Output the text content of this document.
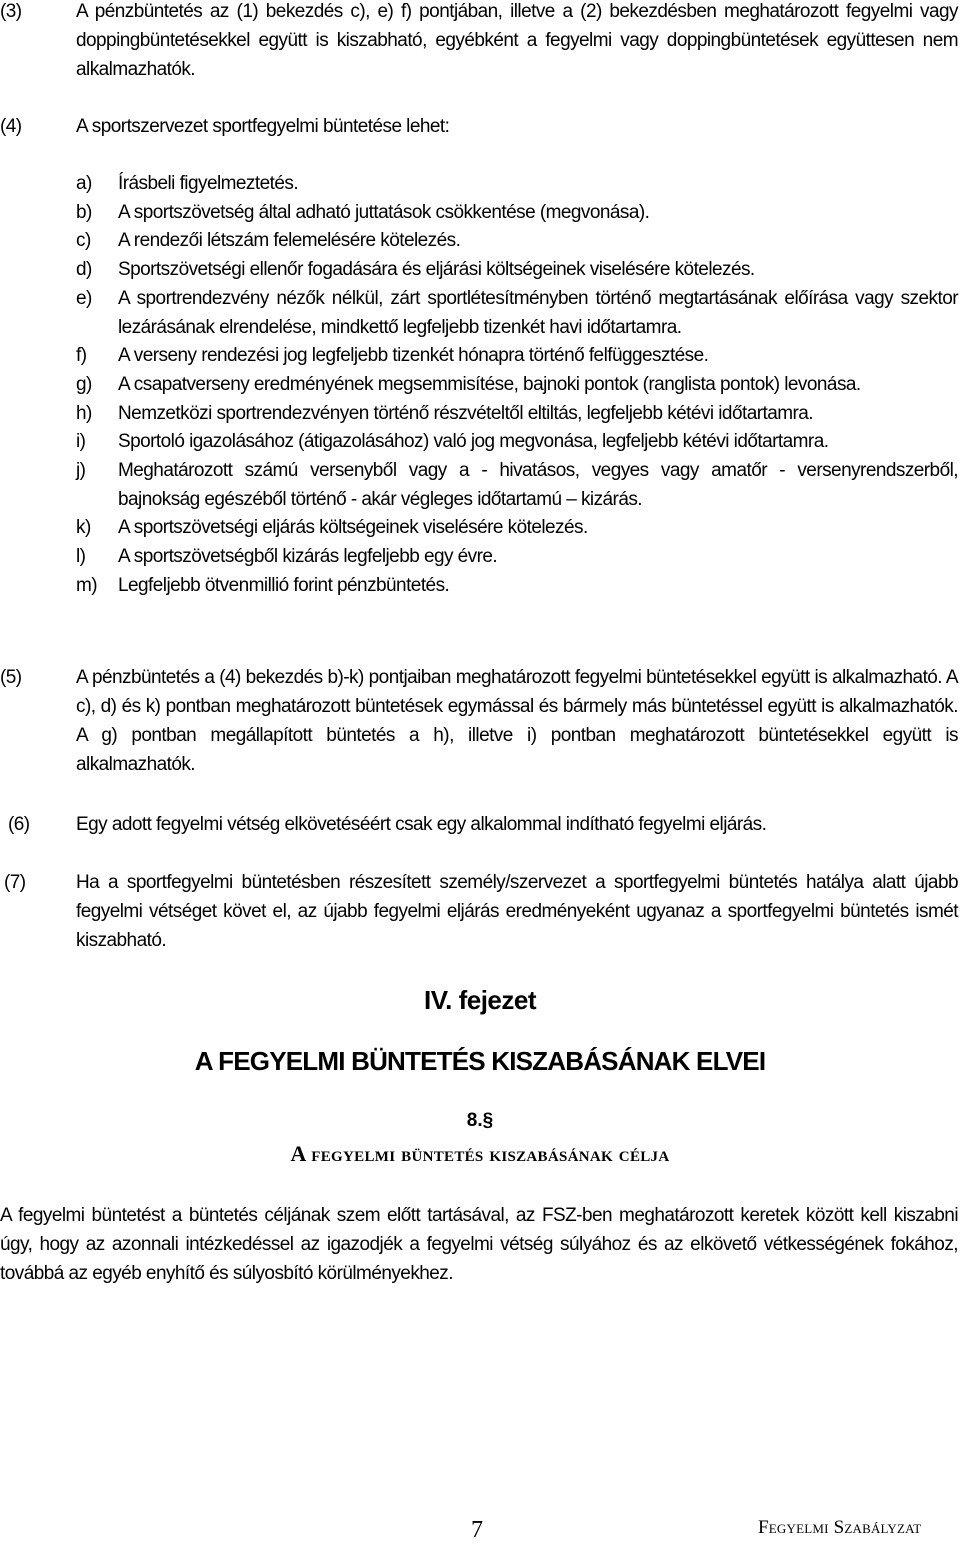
(3)	A pénzbüntetés az (1) bekezdés c), e) f) pontjában, illetve a (2) bekezdésben meghatározott fegyelmi vagy doppingbüntetésekkel együtt is kiszabható, egyébként a fegyelmi vagy doppingbüntetések együttesen nem alkalmazhatók.
(4)	A sportszervezet sportfegyelmi büntetése lehet:
a) Írásbeli figyelmeztetés.
b) A sportszövetség által adható juttatások csökkentése (megvonása).
c) A rendezői létszám felemelésére kötelezés.
d) Sportszövetségi ellenőr fogadására és eljárási költségeinek viselésére kötelezés.
e) A sportrendezvény nézők nélkül, zárt sportlétesítményben történő megtartásának előírása vagy szektor lezárásának elrendelése, mindkettő legfeljebb tizenkét havi időtartamra.
f) A verseny rendezési jog legfeljebb tizenkét hónapra történő felfüggesztése.
g) A csapatverseny eredményének megsemmisítése, bajnoki pontok (ranglista pontok) levonása.
h) Nemzetközi sportrendezvényen történő részvételtől eltiltás, legfeljebb kétévi időtartamra.
i) Sportoló igazolásához (átigazolásához) való jog megvonása, legfeljebb kétévi időtartamra.
j) Meghatározott számú versenyből vagy a - hivatásos, vegyes vagy amatőr - versenyrendszerből, bajnokság egészéből történő - akár végleges időtartamú – kizárás.
k) A sportszövetségi eljárás költségeinek viselésére kötelezés.
l) A sportszövetségből kizárás legfeljebb egy évre.
m) Legfeljebb ötvenmillió forint pénzbüntetés.
(5)	A pénzbüntetés a (4) bekezdés b)-k) pontjaiban meghatározott fegyelmi büntetésekkel együtt is alkalmazható. A c), d) és k) pontban meghatározott büntetések egymással és bármely más büntetéssel együtt is alkalmazhatók. A g) pontban megállapított büntetés a h), illetve i) pontban meghatározott büntetésekkel együtt is alkalmazhatók.
(6) Egy adott fegyelmi vétség elkövetéséért csak egy alkalommal indítható fegyelmi eljárás.
(7)	Ha a sportfegyelmi büntetésben részesített személy/szervezet a sportfegyelmi büntetés hatálya alatt újabb fegyelmi vétséget követ el, az újabb fegyelmi eljárás eredményeként ugyanaz a sportfegyelmi büntetés ismét kiszabható.
IV. fejezet
A FEGYELMI BÜNTETÉS KISZABÁSÁNAK ELVEI
8.§
A fegyelmi büntetés kiszabásának célja
A fegyelmi büntetést a büntetés céljának szem előtt tartásával, az FSZ-ben meghatározott keretek között kell kiszabni úgy, hogy az azonnali intézkedéssel az igazodjék a fegyelmi vétség súlyához és az elkövető vétkességének fokához, továbbá az egyéb enyhítő és súlyosbító körülményekhez.
7	Fegyelmi Szabályzat
